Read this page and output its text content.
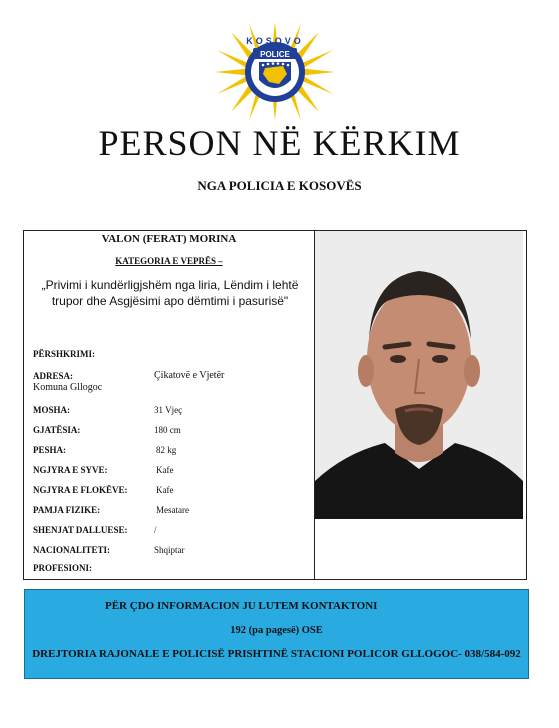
KOSOVO
POLICE
PERSON NË KËRKIM
NGA POLICIA E KOSOVËS
VALON (FERAT) MORINA
KATEGORIA E VEPRËS –
„Privimi i kundërligjshëm nga liria, Lëndim i lehtë trupor dhe Asgjësimi apo dëmtimi i pasurisë"
PËRSHKRIMI:
ADRESA:	Çikatovë e Vjetër
Komuna Gllogoc
MOSHA:	31 Vjeç
GJATËSIA:	180 cm
PESHA:	82 kg
NGJYRA E SYVE:	Kafe
NGJYRA E FLOKËVE:	Kafe
PAMJA FIZIKE:	Mesatare
SHENJAT DALLUESE:	/
NACIONALITETI:	Shqiptar
PROFESIONI:
PËR ÇDO INFORMACION JU LUTEM KONTAKTONI
192 (pa pagesë) OSE
DREJTORIA RAJONALE E POLICISË PRISHTINË STACIONI POLICOR GLLOGOC- 038/584-092
